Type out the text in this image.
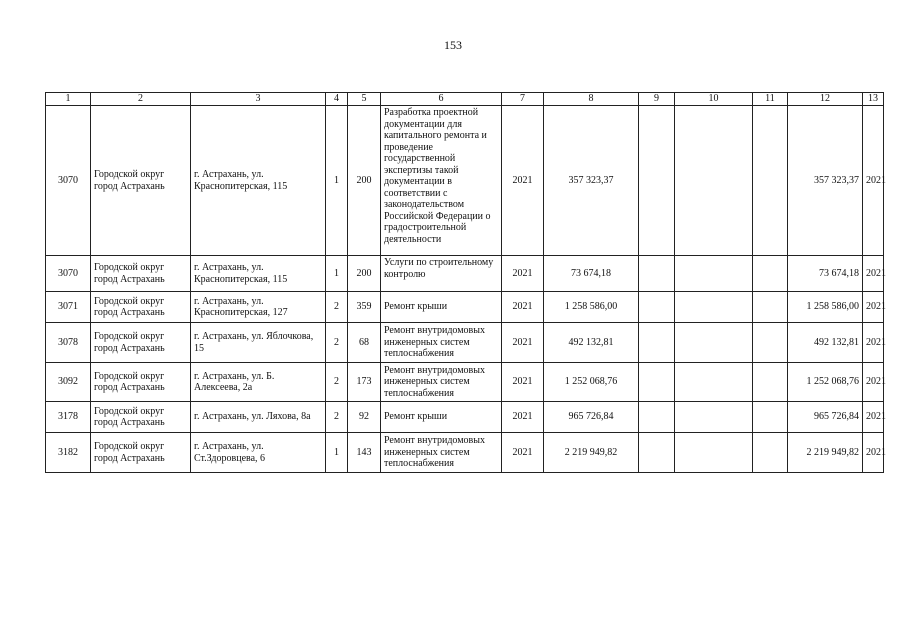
153
1	2	3	4	5	6	7	8	9	10	11	12	13
3070	Городской округ город Астрахань	г. Астрахань, ул. Краснопитерская, 115	1	200	Разработка проектной документации для капитального ремонта и проведение государственной экспертизы такой документации в соответствии с законодательством Российской Федерации о градостроительной деятельности	2021	357 323,37				357 323,37	2021
3070	Городской округ город Астрахань	г. Астрахань, ул. Краснопитерская, 115	1	200	Услуги по строительному контролю	2021	73 674,18				73 674,18	2021
3071	Городской округ город Астрахань	г. Астрахань, ул. Краснопитерская, 127	2	359	Ремонт крыши	2021	1 258 586,00				1 258 586,00	2021
3078	Городской округ город Астрахань	г. Астрахань, ул. Яблочкова, 15	2	68	Ремонт внутридомовых инженерных систем теплоснабжения	2021	492 132,81				492 132,81	2021
3092	Городской округ город Астрахань	г. Астрахань, ул. Б. Алексеева, 2а	2	173	Ремонт внутридомовых инженерных систем теплоснабжения	2021	1 252 068,76				1 252 068,76	2021
3178	Городской округ город Астрахань	г. Астрахань, ул. Ляхова, 8а	2	92	Ремонт крыши	2021	965 726,84				965 726,84	2021
3182	Городской округ город Астрахань	г. Астрахань, ул. Ст.Здоровцева, 6	1	143	Ремонт внутридомовых инженерных систем теплоснабжения	2021	2 219 949,82				2 219 949,82	2021
